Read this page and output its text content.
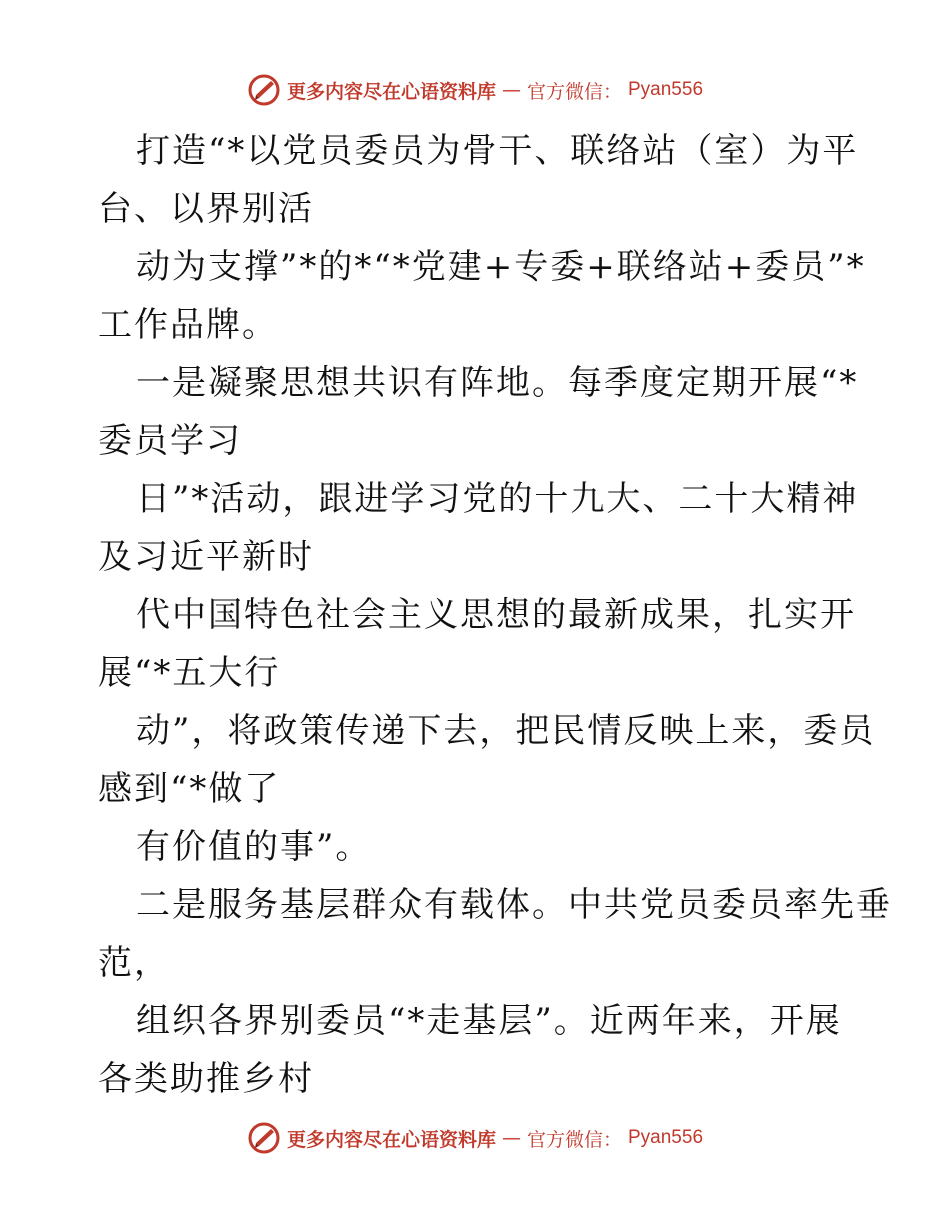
更多内容尽在心语资料库 — 官方微信： Pyan556
打造“*以党员委员为骨干、联络站（室）为平
台、以界别活
动为支撑”*的*“*党建+专委+联络站+委员”*
工作品牌。
一是凝聚思想共识有阵地。每季度定期开展“*
委员学习
日”*活动，跟进学习党的十九大、二十大精神
及习近平新时
代中国特色社会主义思想的最新成果，扎实开
展“*五大行
动”，将政策传递下去，把民情反映上来，委员
感到“*做了
有价值的事”。
二是服务基层群众有载体。中共党员委员率先垂
范，
组织各界别委员“*走基层”。近两年来，开展
各类助推乡村
更多内容尽在心语资料库 — 官方微信： Pyan556
